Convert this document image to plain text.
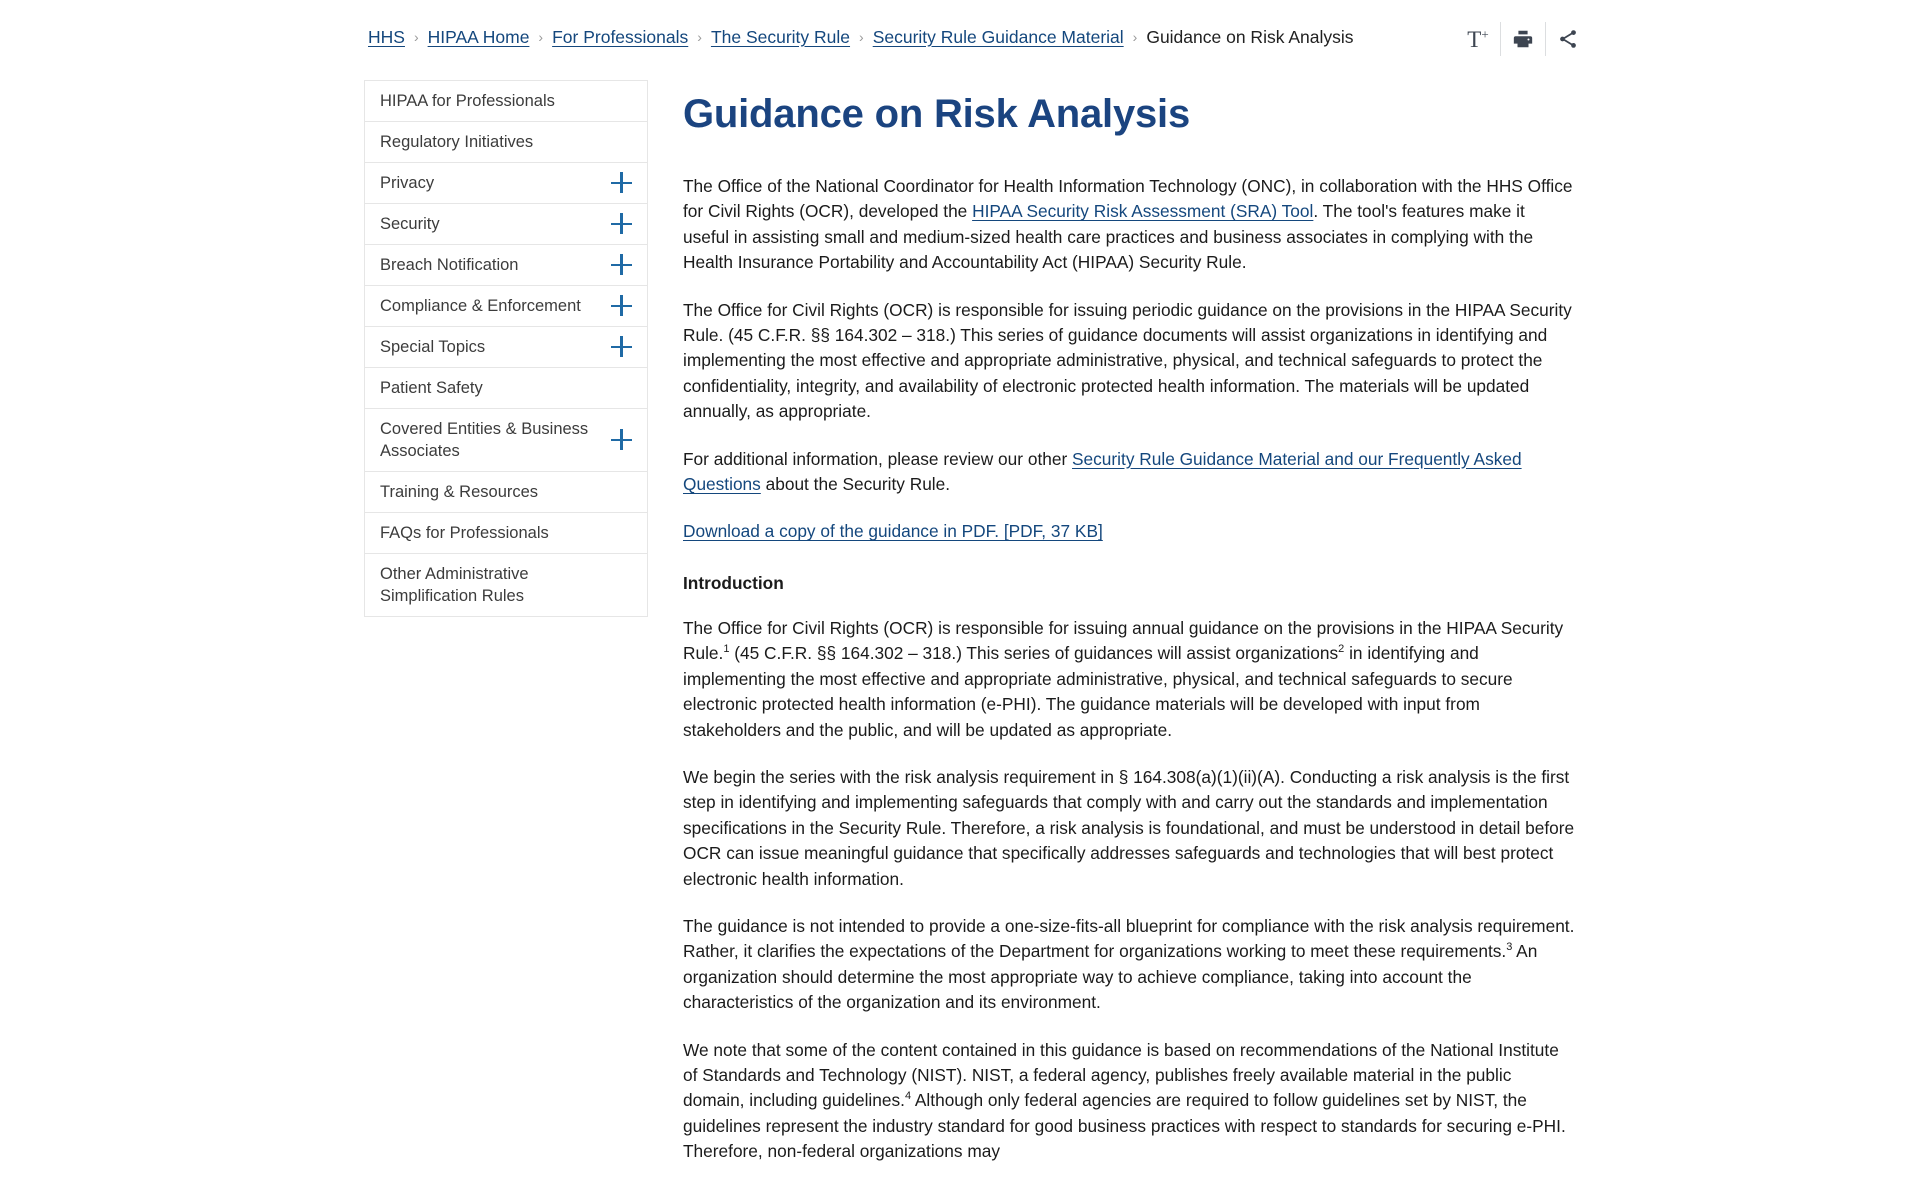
HHS › HIPAA Home › For Professionals › The Security Rule › Security Rule Guidance Material › Guidance on Risk Analysis	T+
HIPAA for Professionals
Regulatory Initiatives
Privacy
Security
Breach Notification
Compliance & Enforcement
Special Topics
Patient Safety
Covered Entities & Business Associates
Training & Resources
FAQs for Professionals
Other Administrative Simplification Rules
Guidance on Risk Analysis

The Office of the National Coordinator for Health Information Technology (ONC), in collaboration with the HHS Office for Civil Rights (OCR), developed the HIPAA Security Risk Assessment (SRA) Tool. The tool's features make it useful in assisting small and medium-sized health care practices and business associates in complying with the Health Insurance Portability and Accountability Act (HIPAA) Security Rule.

The Office for Civil Rights (OCR) is responsible for issuing periodic guidance on the provisions in the HIPAA Security Rule. (45 C.F.R. §§ 164.302 – 318.) This series of guidance documents will assist organizations in identifying and implementing the most effective and appropriate administrative, physical, and technical safeguards to protect the confidentiality, integrity, and availability of electronic protected health information. The materials will be updated annually, as appropriate.

For additional information, please review our other Security Rule Guidance Material and our Frequently Asked Questions about the Security Rule.

Download a copy of the guidance in PDF. [PDF, 37 KB]

Introduction

The Office for Civil Rights (OCR) is responsible for issuing annual guidance on the provisions in the HIPAA Security Rule.$^1$ (45 C.F.R. §§ 164.302 – 318.) This series of guidances will assist organizations$^2$ in identifying and implementing the most effective and appropriate administrative, physical, and technical safeguards to secure electronic protected health information (e-PHI). The guidance materials will be developed with input from stakeholders and the public, and will be updated as appropriate.

We begin the series with the risk analysis requirement in § 164.308(a)(1)(ii)(A). Conducting a risk analysis is the first step in identifying and implementing safeguards that comply with and carry out the standards and implementation specifications in the Security Rule. Therefore, a risk analysis is foundational, and must be understood in detail before OCR can issue meaningful guidance that specifically addresses safeguards and technologies that will best protect electronic health information.

The guidance is not intended to provide a one-size-fits-all blueprint for compliance with the risk analysis requirement. Rather, it clarifies the expectations of the Department for organizations working to meet these requirements.$^3$ An organization should determine the most appropriate way to achieve compliance, taking into account the characteristics of the organization and its environment.

We note that some of the content contained in this guidance is based on recommendations of the National Institute of Standards and Technology (NIST). NIST, a federal agency, publishes freely available material in the public domain, including guidelines.$^4$ Although only federal agencies are required to follow guidelines set by NIST, the guidelines represent the industry standard for good business practices with respect to standards for securing e-PHI. Therefore, non-federal organizations may
